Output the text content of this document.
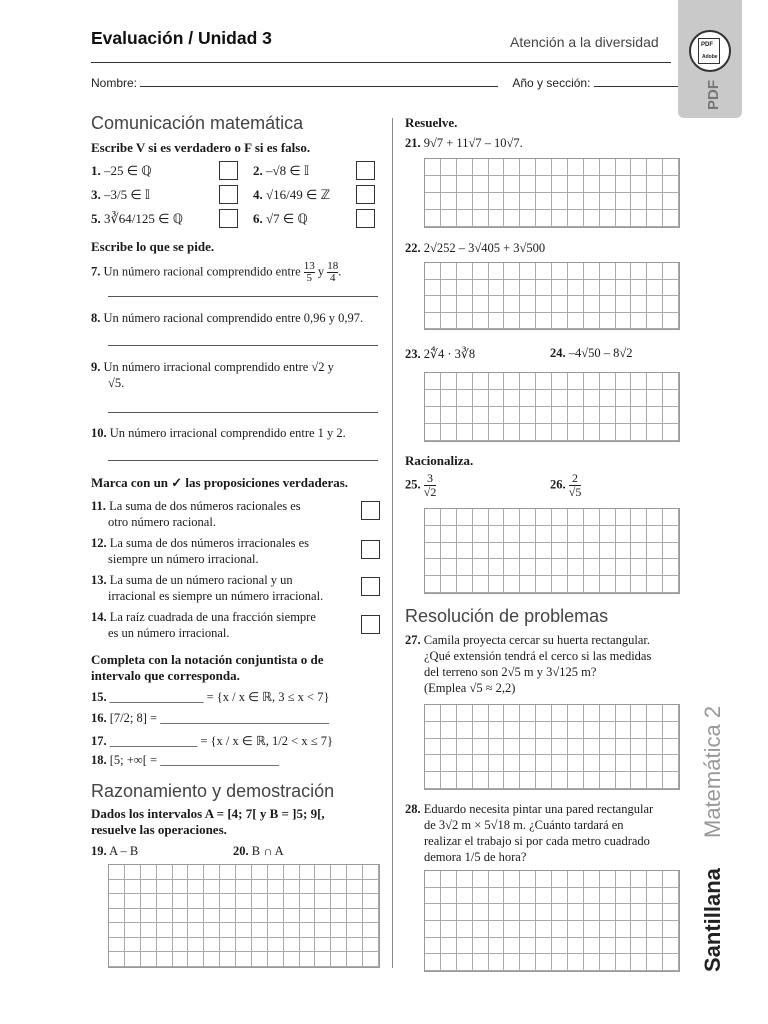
Evaluación / Unidad 3	Atención a la diversidad
Nombre:	Año y sección:
PDF
Adobe
PDF
Santillana
Matemática 2
Comunicación matemática
Escribe V si es verdadero o F si es falso.
1. –25 ∈ ℚ	2. –√8 ∈ 𝕀
3. –3/5 ∈ 𝕀	4. √16/49 ∈ ℤ
5. 3∛64/125 ∈ ℚ	6. √7 ∈ ℚ
Escribe lo que se pide.
7. Un número racional comprendido entre $\frac{13}{5}$ y $\frac{18}{4}$ .
8. Un número racional comprendido entre 0,96 y 0,97.
9. Un número irracional comprendido entre √2 y
√5.
10. Un número irracional comprendido entre 1 y 2.
Marca con un ✓ las proposiciones verdaderas.
11. La suma de dos números racionales es
otro número racional.
12. La suma de dos números irracionales es
siempre un número irracional.
13. La suma de un número racional y un
irracional es siempre un número irracional.
14. La raíz cuadrada de una fracción siempre
es un número irracional.
Completa con la notación conjuntista o de
intervalo que corresponda.
15. _______________ = {x / x ∈ ℝ, 3 ≤ x < 7}
16. [7/2; 8] = ___________________________
17. ______________ = {x / x ∈ ℝ, 1/2 < x ≤ 7}
18. [5; +∞[ = ___________________
Razonamiento y demostración
Dados los intervalos A = [4; 7[ y B = ]5; 9[,
resuelve las operaciones.
19. A – B	20. B ∩ A
Resuelve.
21. 9√7 + 11√7 – 10√7.
22. 2√252 – 3√405 + 3√500
23. 2∜4 · 3∛8	24. –4√50 – 8√2
Racionaliza.
25. $\frac{3}{√2}$	26. $\frac{2}{√5}$
Resolución de problemas
27. Camila proyecta cercar su huerta rectangular.
¿Qué extensión tendrá el cerco si las medidas
del terreno son 2√5 m y 3√125 m?
(Emplea √5 ≈ 2,2)
28. Eduardo necesita pintar una pared rectangular
de 3√2 m × 5√18 m. ¿Cuánto tardará en
realizar el trabajo si por cada metro cuadrado
demora 1/5 de hora?
